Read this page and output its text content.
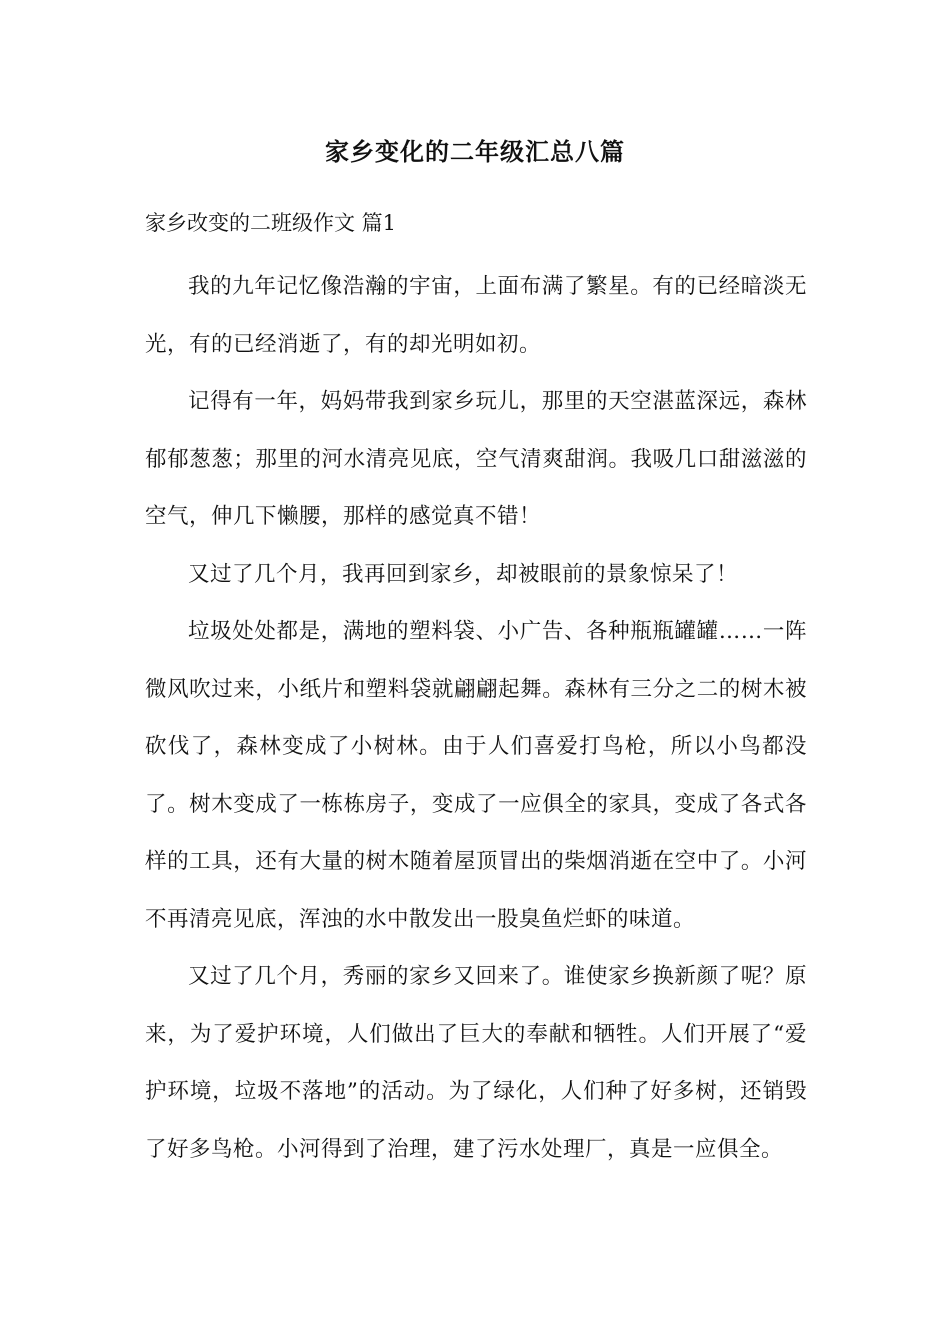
家乡变化的二年级汇总八篇
家乡改变的二班级作文 篇1

我的九年记忆像浩瀚的宇宙，上面布满了繁星。有的已经暗淡无光，有的已经消逝了，有的却光明如初。

记得有一年，妈妈带我到家乡玩儿，那里的天空湛蓝深远，森林郁郁葱葱；那里的河水清亮见底，空气清爽甜润。我吸几口甜滋滋的空气，伸几下懒腰，那样的感觉真不错！

又过了几个月，我再回到家乡，却被眼前的景象惊呆了！

垃圾处处都是，满地的塑料袋、小广告、各种瓶瓶罐罐……一阵微风吹过来，小纸片和塑料袋就翩翩起舞。森林有三分之二的树木被砍伐了，森林变成了小树林。由于人们喜爱打鸟枪，所以小鸟都没了。树木变成了一栋栋房子，变成了一应俱全的家具，变成了各式各样的工具，还有大量的树木随着屋顶冒出的柴烟消逝在空中了。小河不再清亮见底，浑浊的水中散发出一股臭鱼烂虾的味道。

又过了几个月，秀丽的家乡又回来了。谁使家乡换新颜了呢？原来，为了爱护环境，人们做出了巨大的奉献和牺牲。人们开展了“爱护环境，垃圾不落地”的活动。为了绿化，人们种了好多树，还销毁了好多鸟枪。小河得到了治理，建了污水处理厂，真是一应俱全。
